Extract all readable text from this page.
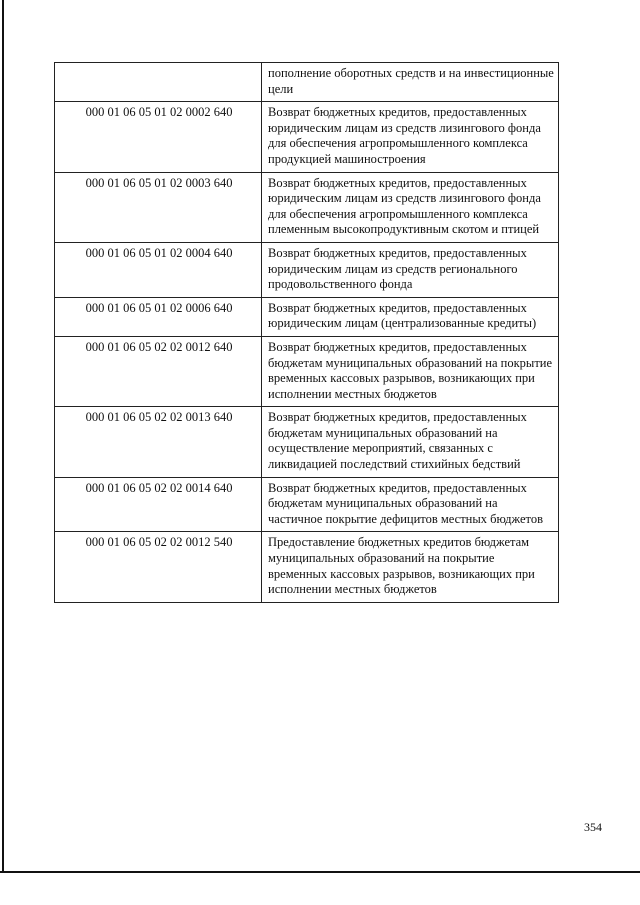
	пополнение оборотных средств и на инвестиционные цели
000 01 06 05 01 02 0002 640	Возврат бюджетных кредитов, предоставленных юридическим лицам из средств лизингового фонда для обеспечения агропромышленного комплекса продукцией машиностроения
000 01 06 05 01 02 0003 640	Возврат бюджетных кредитов, предоставленных юридическим лицам из средств лизингового фонда для обеспечения агропромышленного комплекса племенным высокопродуктивным скотом и птицей
000 01 06 05 01 02 0004 640	Возврат бюджетных кредитов, предоставленных юридическим лицам из средств регионального продовольственного фонда
000 01 06 05 01 02 0006 640	Возврат бюджетных кредитов, предоставленных юридическим лицам (централизованные кредиты)
000 01 06 05 02 02 0012 640	Возврат бюджетных кредитов, предоставленных бюджетам муниципальных образований на покрытие временных кассовых разрывов, возникающих при исполнении местных бюджетов
000 01 06 05 02 02 0013 640	Возврат бюджетных кредитов, предоставленных бюджетам муниципальных образований на осуществление мероприятий, связанных с ликвидацией последствий стихийных бедствий
000 01 06 05 02 02 0014 640	Возврат бюджетных кредитов, предоставленных бюджетам муниципальных образований на частичное покрытие дефицитов местных бюджетов
000 01 06 05 02 02 0012 540	Предоставление бюджетных кредитов бюджетам муниципальных образований на покрытие временных кассовых разрывов, возникающих при исполнении местных бюджетов
354
